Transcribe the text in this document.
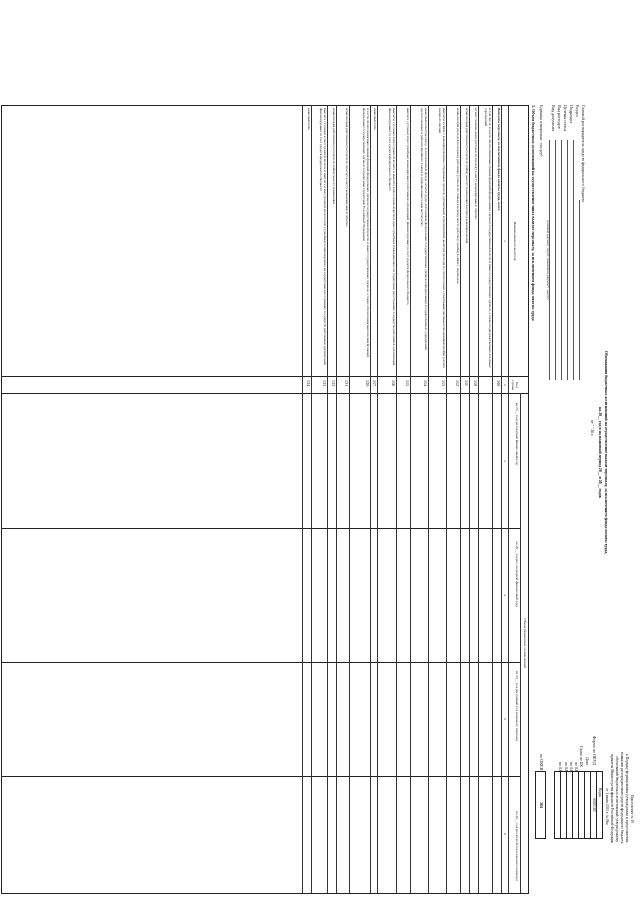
Приложение № 19
к Порядку формирования (утверждения) и представления
главными распорядителями средств федерального бюджета
обоснований бюджетных ассигнований, утвержденному
приказом Министерства финансов Российской Федерации
от 1 июля 2021 г. № 86н
Коды
Форма по ОКУД
Дата
Глава по БК
по БК
по БК
по БК
по БК
0505182
по ОКЕИ
384
Обоснования бюджетных ассигнований на осуществление выплат персоналу, за исключением фонда оплаты труда,
на 20__ год и на плановый период 20__ и 20__ годов
от " " 20 г.
Главный распорядитель средств федерального бюджета
Раздел
Подраздел
Целевая статья
Вид расходов
Вид документа
(основной документ - код 01; изменения к документу - код 02)
Единица измерения:
тыс.руб
1. Объем бюджетных ассигнований на осуществление иных выплат персоналу, за исключением фонда оплаты труда
Наименование показателя
Код строки
Объем бюджетных ассигнований
на 20__ год (на текущий финансовый год)
на 20__ год (на очередной финансовый год)
на 20__ год (на первый год планового периода)
на 20__ год (на второй год планового периода)
1
2
3
4
5
6
Выплаты персоналу, за исключением фонда оплаты труда, всего
100
в том числе: в части обеспечения выполнения функций федеральных органов государственной власти и иных государственных органов, а также подведомственных казенных учреждений
из них: компенсация расходов по проезду к месту командировки и обратно
110
компенсация работникам расходов по найму жилого помещения в период командирования
111
компенсация расходов на переезд работника (членов его семьи) к новому месту работы (службы) в связи с переводом
112
выплаты в связи с командированием сотрудников органов, организаций и предприятий, включая расходы по обеспечению служебными жилыми помещениями (найм) (оплата наемного жилья)
113
иные выплаты персоналу, за исключением фонда оплаты труда, работникам федеральных государственных органов и федеральных государственных учреждений, расположенных в районах Крайнего Севера и приравненных к ним местностях
114
выплата суточных при служебных командировках работников организаций, финансируемых за счет средств федерального бюджета
115
выплаты суточных в иностранной валюте и выплата в иностранной валюте при служебных командировках на территории иностранных государств работников организаций, финансируемых за счет средств федерального бюджета
116
иные выплаты
117
в части обеспечения выполнения функций федеральных органов государственной власти и иных государственных органов, а также обеспечения выполнения функций федеральных государственных органов за пределами территории Российской Федерации
120
компенсация работникам расходов по проезду к месту командировки и обратно
121
компенсация работникам расходов по найму жилого помещения
122
выплата суточных в иностранной валюте и выплата в иностранной валюте при служебных командировках на территории иностранных государств работников организаций, финансируемых за счет средств федерального бюджета
123
иные выплаты
124
